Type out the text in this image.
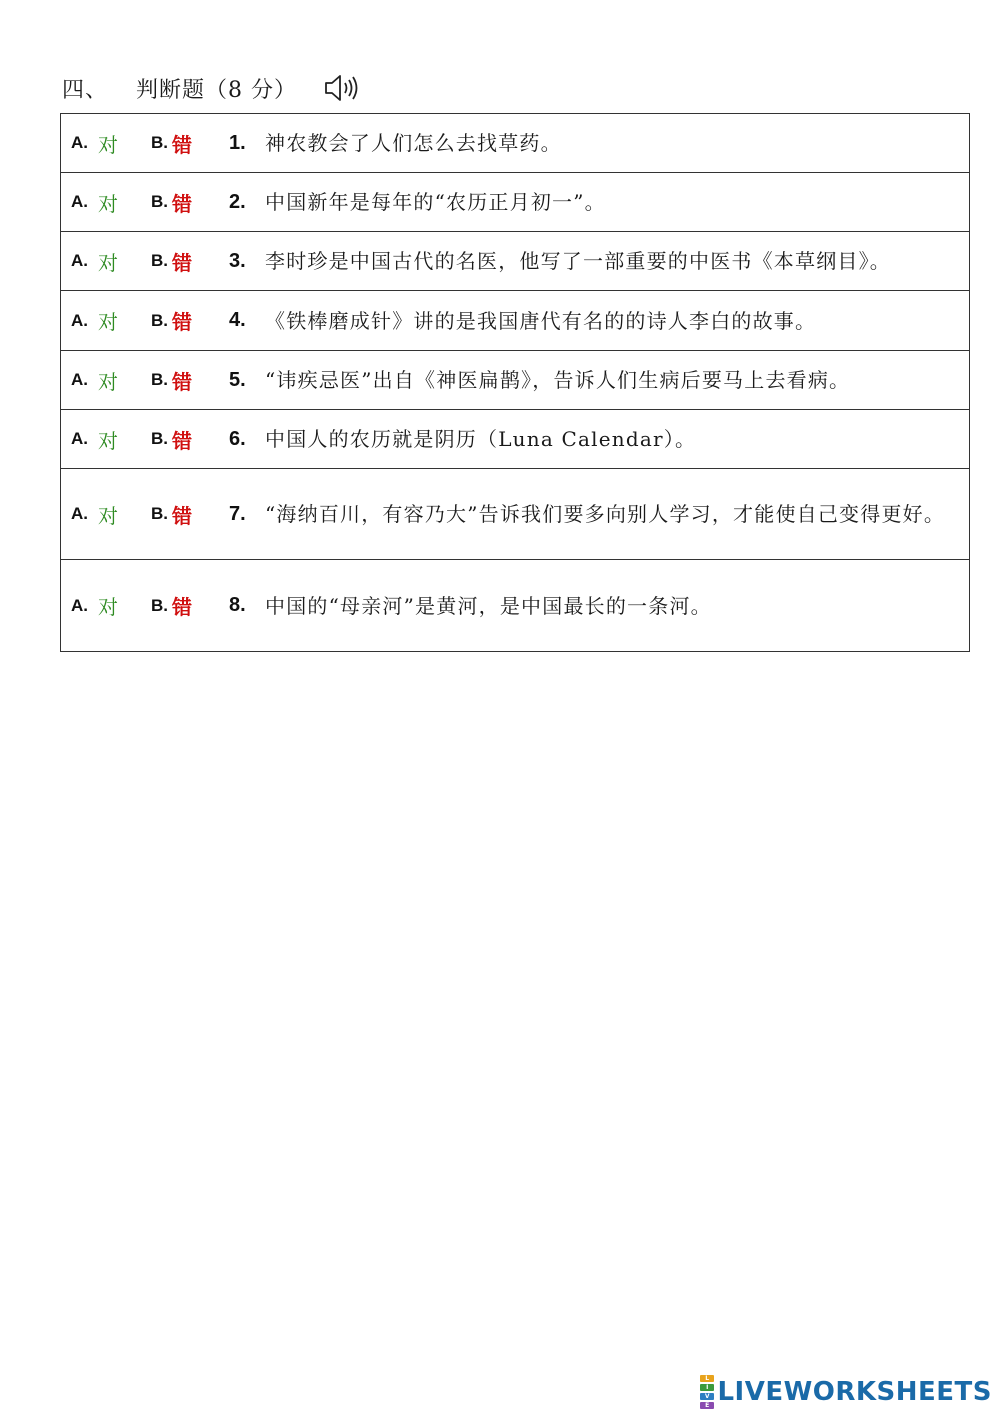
四、 判断题（8 分）
A. 对 B. 错 1. 神农教会了人们怎么去找草药。

A. 对 B. 错 2. 中国新年是每年的“农历正月初一”。

A. 对 B. 错 3. 李时珍是中国古代的名医，他写了一部重要的中医书《本草纲目》。

A. 对 B. 错 4. 《铁棒磨成针》讲的是我国唐代有名的的诗人李白的故事。

A. 对 B. 错 5. “讳疾忌医”出自《神医扁鹊》，告诉人们生病后要马上去看病。

A. 对 B. 错 6. 中国人的农历就是阴历（Luna Calendar）。

A. 对 B. 错 7. “海纳百川，有容乃大”告诉我们要多向别人学习，才能使自己变得更好。

A. 对 B. 错 8. 中国的“母亲河”是黄河，是中国最长的一条河。
L
I
V
E LIVEWORKSHEETS
